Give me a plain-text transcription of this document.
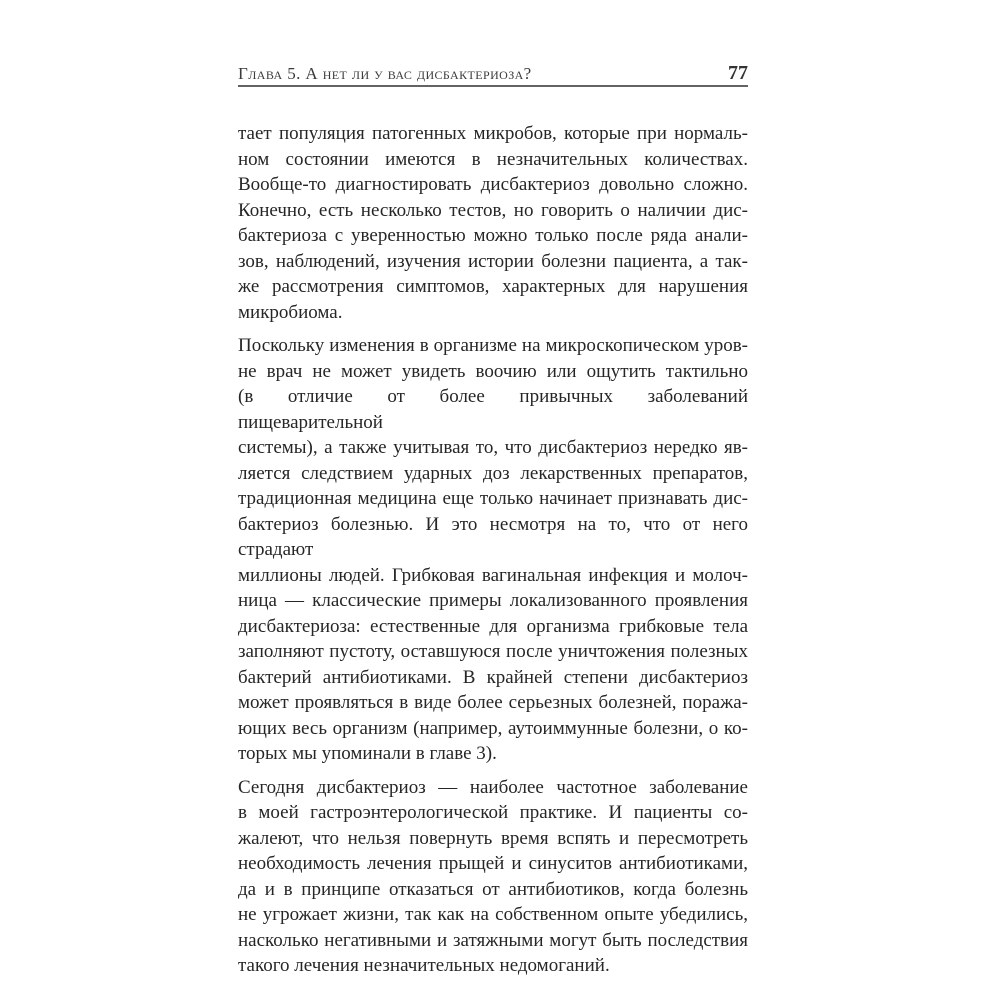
Глава 5. А нет ли у вас дисбактериоза?	77

тает популяция патогенных микробов, которые при нормаль-
ном состоянии имеются в незначительных количествах.
Вообще-то диагностировать дисбактериоз довольно сложно.
Конечно, есть несколько тестов, но говорить о наличии дис-
бактериоза с уверенностью можно только после ряда анали-
зов, наблюдений, изучения истории болезни пациента, а так-
же рассмотрения симптомов, характерных для нарушения
микробиома.

Поскольку изменения в организме на микроскопическом уров-
не врач не может увидеть воочию или ощутить тактильно
(в отличие от более привычных заболеваний пищеварительной
системы), а также учитывая то, что дисбактериоз нередко яв-
ляется следствием ударных доз лекарственных препаратов,
традиционная медицина еще только начинает признавать дис-
бактериоз болезнью. И это несмотря на то, что от него страдают
миллионы людей. Грибковая вагинальная инфекция и молоч-
ница — классические примеры локализованного проявления
дисбактериоза: естественные для организма грибковые тела
заполняют пустоту, оставшуюся после уничтожения полезных
бактерий антибиотиками. В крайней степени дисбактериоз
может проявляться в виде более серьезных болезней, поража-
ющих весь организм (например, аутоиммунные болезни, о ко-
торых мы упоминали в главе 3).

Сегодня дисбактериоз — наиболее частотное заболевание
в моей гастроэнтерологической практике. И пациенты со-
жалеют, что нельзя повернуть время вспять и пересмотреть
необходимость лечения прыщей и синуситов антибиотиками,
да и в принципе отказаться от антибиотиков, когда болезнь
не угрожает жизни, так как на собственном опыте убедились,
насколько негативными и затяжными могут быть последствия
такого лечения незначительных недомоганий.
